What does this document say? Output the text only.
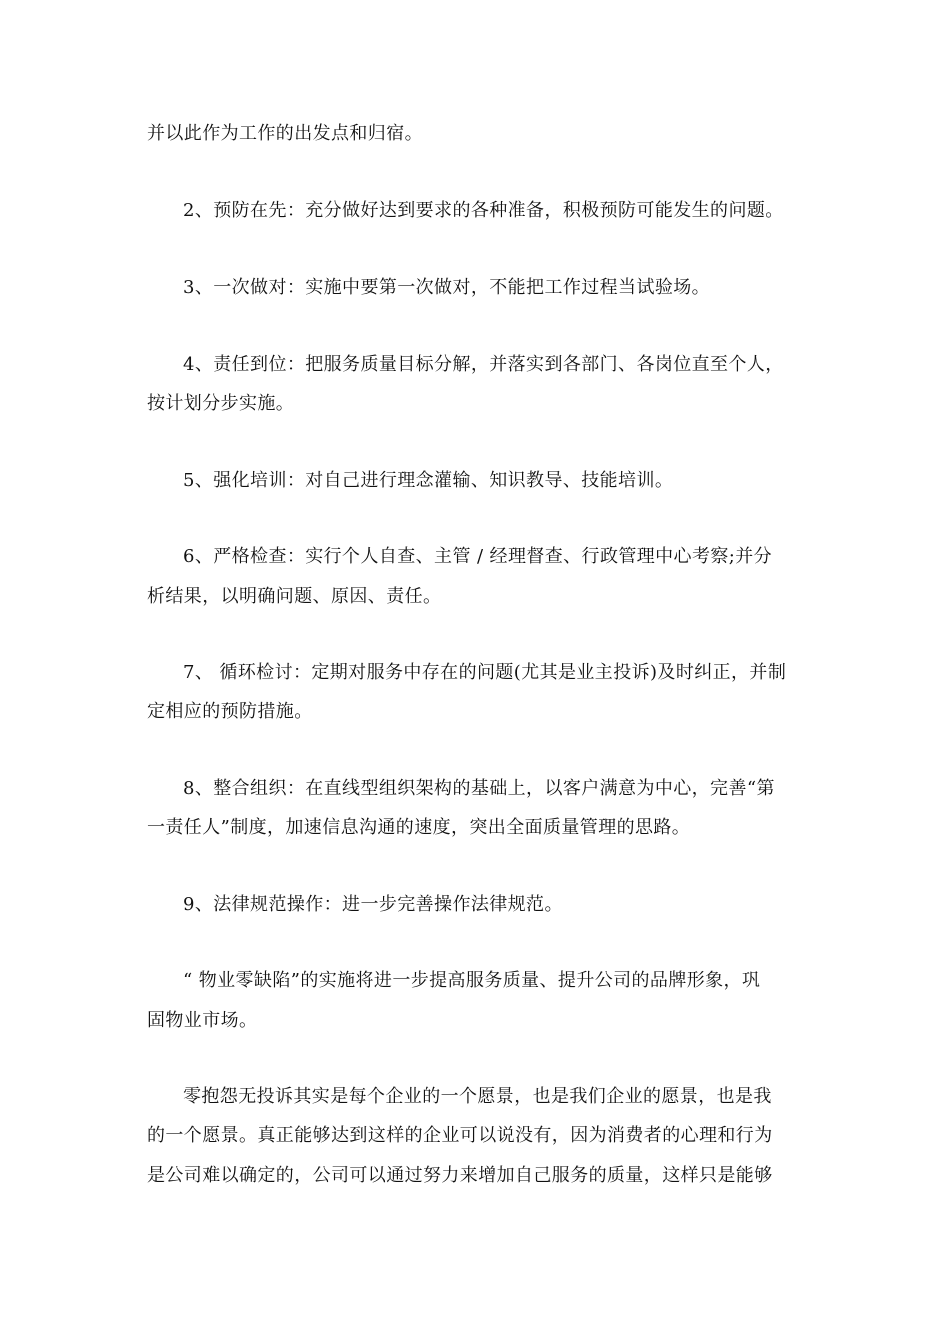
并以此作为工作的出发点和归宿。
2、预防在先：充分做好达到要求的各种准备，积极预防可能发生的问题。
3、一次做对：实施中要第一次做对，不能把工作过程当试验场。
4、责任到位：把服务质量目标分解，并落实到各部门、各岗位直至个人，
按计划分步实施。
5、强化培训：对自己进行理念灌输、知识教导、技能培训。
6、严格检查：实行个人自查、主管 / 经理督查、行政管理中心考察;并分
析结果，以明确问题、原因、责任。
7、 循环检讨：定期对服务中存在的问题(尤其是业主投诉)及时纠正，并制
定相应的预防措施。
8、整合组织：在直线型组织架构的基础上，以客户满意为中心，完善“第
一责任人”制度，加速信息沟通的速度，突出全面质量管理的思路。
9、法律规范操作：进一步完善操作法律规范。
“ 物业零缺陷”的实施将进一步提高服务质量、提升公司的品牌形象，巩
固物业市场。
零抱怨无投诉其实是每个企业的一个愿景，也是我们企业的愿景，也是我
的一个愿景。真正能够达到这样的企业可以说没有，因为消费者的心理和行为
是公司难以确定的，公司可以通过努力来增加自己服务的质量，这样只是能够
